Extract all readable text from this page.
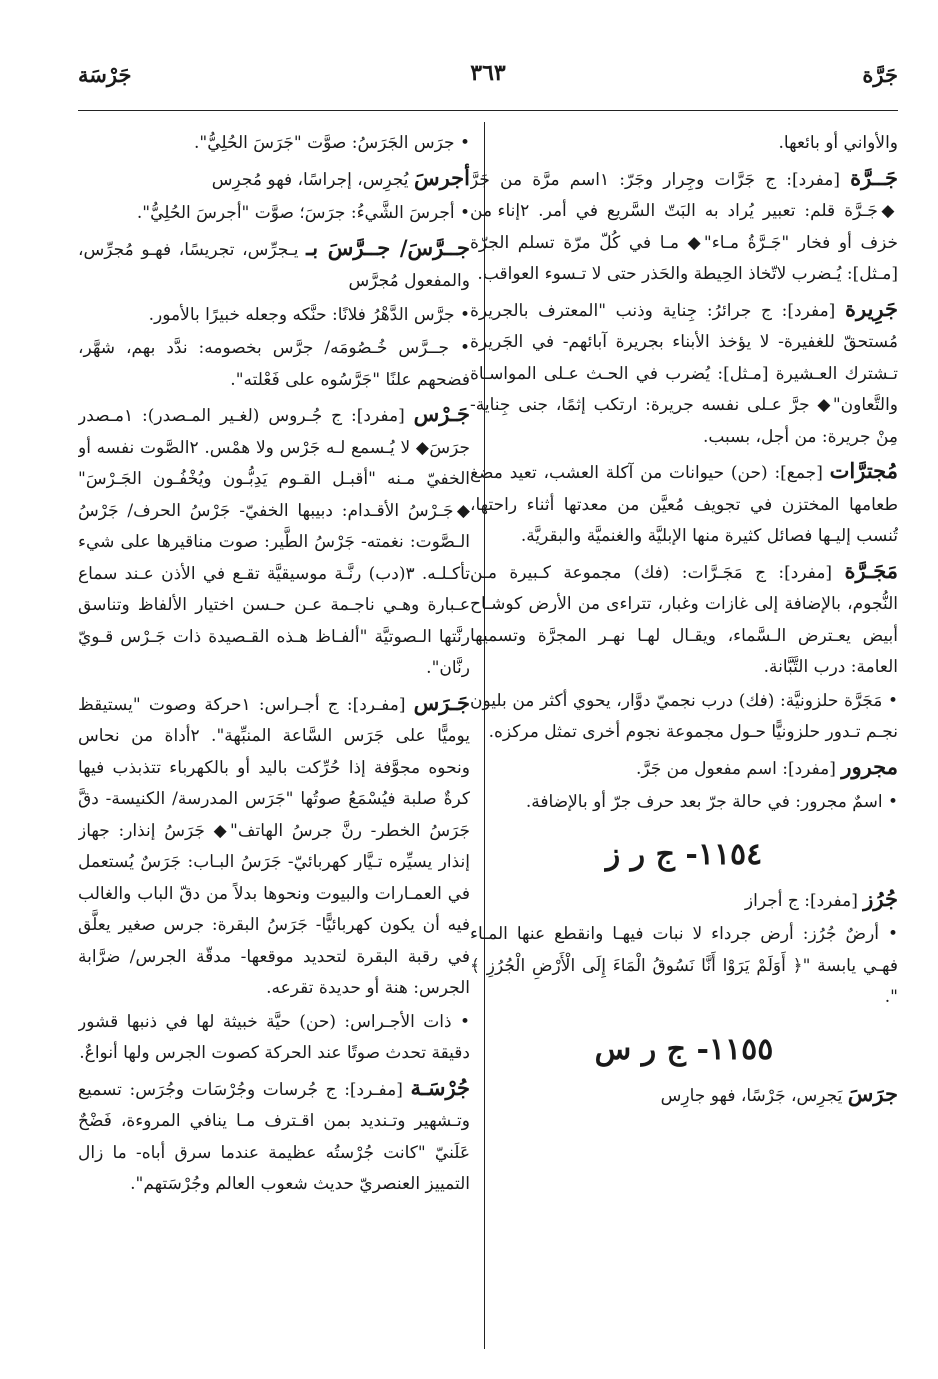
جَرَّة
٣٦٣
جَرْسَة
والأواني أو بائعها.
جَــرَّة [مفرد]: ج جَرَّات وجِرار وجَرّ: ١اسم مرَّة من جَرَّ ◆جَـرَّة قلم: تعبير يُراد به البَتّ السَّريع في أمر. ٢إناء من خزف أو فخار "جَـرَّةُ مـاء"◆ مـا في كُلّ مرّة تسلم الجرّة [مـثل]: يُـضرب لاتّخاذ الحِيطة والحَذر حتى لا تـسوء العواقب.
جَرِيرة [مفرد]: ج جرائرُ: جِناية وذنب "المعترف بالجريرة مُستحقّ للغفيرة- لا يؤخذ الأبناء بجريرة آبائهم- في الجَريرة تـشترك العـشيرة [مـثل]: يُضرب في الحـث عـلى المواسـاة والتَّعاون"◆ جرَّ عـلى نفسه جريرة: ارتكب إثمًا، جنى جِناية- مِنْ جريرة: من أجل، بسبب.
مُجترَّات [جمع]: (حن) حيوانات من آكلة العشب، تعيد مضغ طعامها المختزن في تجويف مُعيَّن من معدتها أثناء راحتها، تُنسب إليـها فصائل كثيرة منها الإبليَّة والغنميَّة والبقريَّة.
مَجَـرَّة [مفرد]: ج مَجَـرَّات: (فك) مجموعة كـبيرة مـن النُّجوم، بالإضافة إلى غازات وغبار، تتراءى من الأرض كوشـاح أبيض يعـترض الـسَّماء، ويقـال لهـا نهـر المجرَّة وتسميها العامة: درب التَّبَّانة.
• مَجَرَّة حلزونيَّة: (فك) درب نجميّ دوَّار، يحوي أكثر من بليون نجـم تـدور حلزونيًّا حـول مجموعة نجوم أخرى تمثل مركزه.
مجرور [مفرد]: اسم مفعول من جَرَّ.
• اسمٌ مجرور: في حالة جرّ بعد حرف جرّ أو بالإضافة.
١١٥٤- ج ر ز
جُرُز [مفرد]: ج أجراز
• أرضٌ جُرُز: أرض جرداء لا نبات فيهـا وانقطع عنها المـاء فهـي يابسة "﴿ أَوَلَمْ يَرَوْا أَنَّا نَسُوقُ الْمَاءَ إِلَى الْأَرْضِ الْجُرُزِ ﴾ ".
١١٥٥- ج ر س
جرَسَ يَجرِس، جَرْسًا، فهو جارِس
• جرَس الجَرَسُ: صوَّت "جَرَسَ الحُلِيُّ".
أجرسَ يُجرِس، إجراسًا، فهو مُجرِس
• أجرسَ الشَّيءُ: جرَسَ؛ صوَّت "أجرسَ الحُلِيُّ".
جــرَّسَ/ جــرَّسَ بـ يـجرِّس، تجريسًا، فهـو مُجرِّس، والمفعول مُجرَّس
• جرَّس الدَّهْرُ فلانًا: حنَّكه وجعله خبيرًا بالأمور.
• جــرَّس خُـصُومَه/ جرَّس بخصومه: ندَّد بهم، شهَّر، فضحهم علنًا "جَرَّسُوه على فَعْلته".
جَـرْس [مفرد]: ج جُـروس (لغـير المـصدر): ١مـصدر جرَسَ◆ لا يُـسمع لـه جَرْس ولا همْس. ٢الصَّوت نفسه أو الخفيّ مـنه "أقبـل القـوم يَدِبُّـون ويُخْفُـون الجَـرْسَ" ◆جَـرْسُ الأقـدام: دبيبها الخفيّ- جَرْسُ الحرف/ جَرْسُ الـصَّوت: نغمته- جَرْسُ الطَّير: صوت مناقيرها على شيء تأكـلـه. ٣(دب) رنَّـة موسيقيَّة تقـع في الأذن عـند سماع عـبارة وهـي ناجـمة عـن حـسن اختيار الألفاظ وتناسق رنَّتها الـصوتيَّة "ألفـاظ هـذه القـصيدة ذات جَـرْس قـويّ رنَّان".
جَـرَس [مفـرد]: ج أجـراس: ١حركة وصوت "يستيقظ يوميًّا على جَرَس السَّاعة المنبِّهة". ٢أداة من نحاس ونحوه مجوَّفة إذا حُرِّكت باليد أو بالكهرباء تتذبذب فيها كرةٌ صلبة فيُسْمَعُ صوتُها "جَرَس المدرسة/ الكنيسة- دقَّ جَرَسُ الخطر- رنَّ جرسُ الهاتف"◆ جَرَسُ إنذار: جهاز إنذار يسيِّره تـيَّار كهربائيّ- جَرَسُ البـاب: جَرَسٌ يُستعمل في العمـارات والبيوت ونحوها بدلاً من دقّ الباب والغالب فيه أن يكون كهربائيًّا- جَرَسُ البقرة: جرس صغير يعلَّق في رقبة البقرة لتحديد موقعها- مدقّة الجرس/ ضرَّابة الجرس: هنة أو حديدة تقرعه.
• ذات الأجـراس: (حن) حيَّة خبيثة لها في ذنبها قشور دقيقة تحدث صوتًا عند الحركة كصوت الجرس ولها أنواعٌ.
جُرْسَـة [مفـرد]: ج جُرسات وجُرْسَات وجُرَس: تسميع وتـشهير وتـنديد بمن اقـترف مـا ينافي المروءة، فَضْحٌ عَلَنيّ "كانت جُرْستُه عظيمة عندما سرق أباه- ما زال التمييز العنصريّ حديث شعوب العالم وجُرْسَتهم".
